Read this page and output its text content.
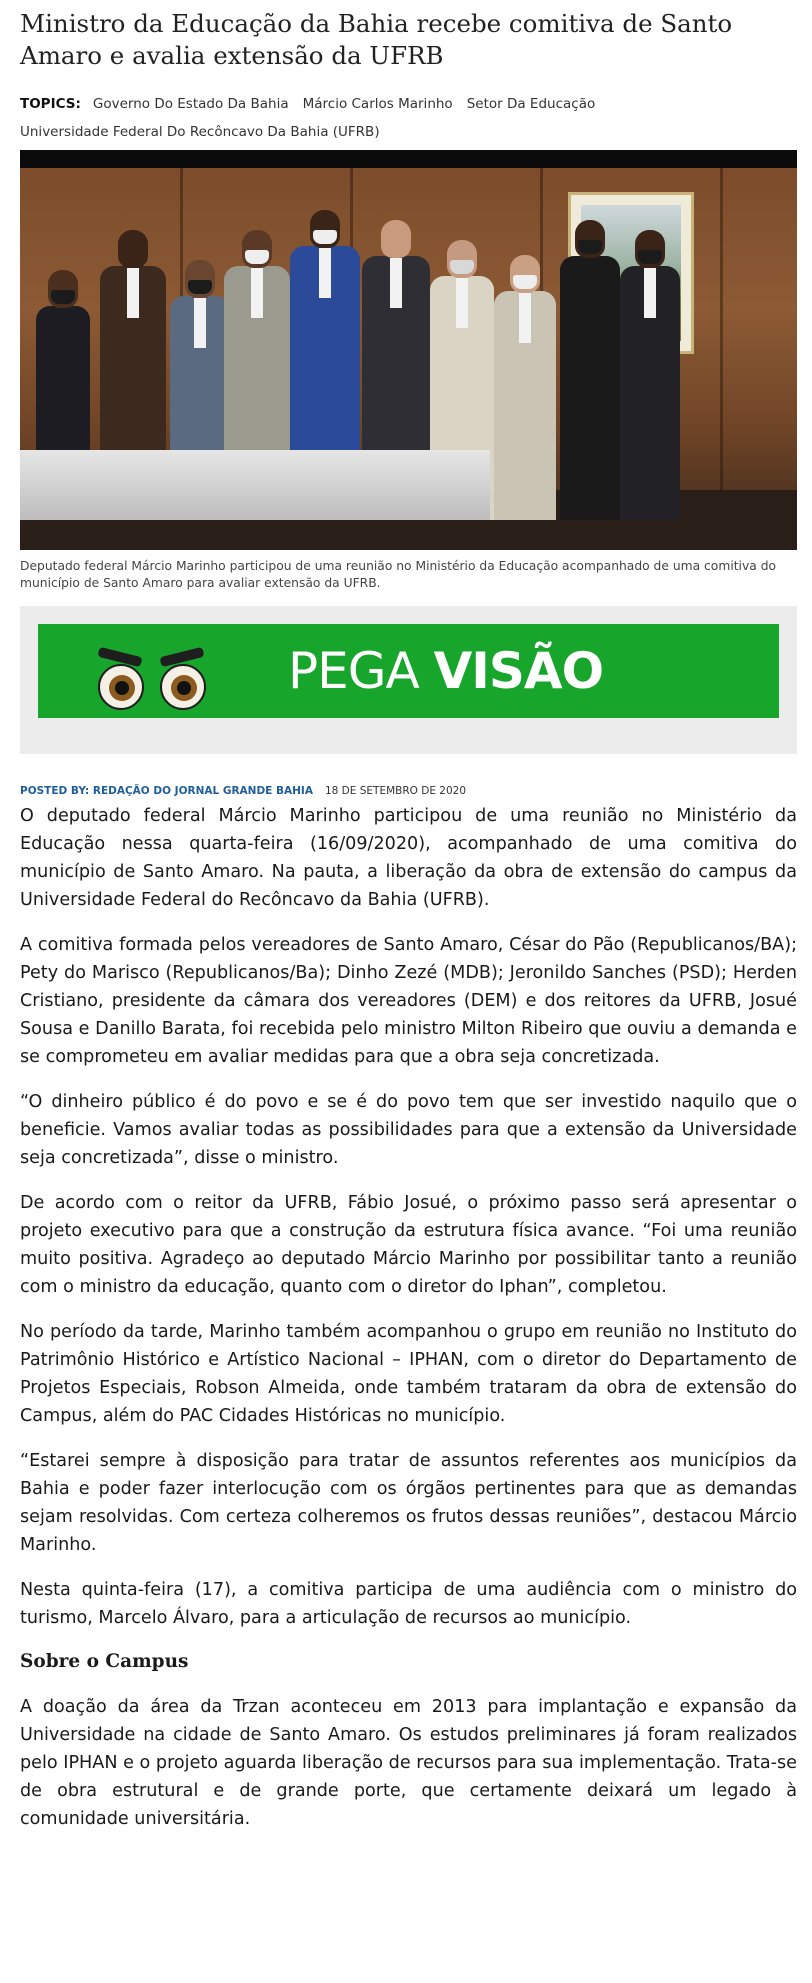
Ministro da Educação da Bahia recebe comitiva de Santo Amaro e avalia extensão da UFRB
TOPICS: Governo Do Estado Da Bahia Márcio Carlos Marinho Setor Da Educação
Universidade Federal Do Recôncavo Da Bahia (UFRB)

Deputado federal Márcio Marinho participou de uma reunião no Ministério da Educação acompanhado de uma comitiva do município de Santo Amaro para avaliar extensão da UFRB.

PEGA VISÃO
POSTED BY: REDAÇÃO DO JORNAL GRANDE BAHIA 18 DE SETEMBRO DE 2020

O deputado federal Márcio Marinho participou de uma reunião no Ministério da Educação nessa quarta-feira (16/09/2020), acompanhado de uma comitiva do município de Santo Amaro. Na pauta, a liberação da obra de extensão do campus da Universidade Federal do Recôncavo da Bahia (UFRB).

A comitiva formada pelos vereadores de Santo Amaro, César do Pão (Republicanos/BA); Pety do Marisco (Republicanos/Ba); Dinho Zezé (MDB); Jeronildo Sanches (PSD); Herden Cristiano, presidente da câmara dos vereadores (DEM) e dos reitores da UFRB, Josué Sousa e Danillo Barata, foi recebida pelo ministro Milton Ribeiro que ouviu a demanda e se comprometeu em avaliar medidas para que a obra seja concretizada.

“O dinheiro público é do povo e se é do povo tem que ser investido naquilo que o beneficie. Vamos avaliar todas as possibilidades para que a extensão da Universidade seja concretizada”, disse o ministro.

De acordo com o reitor da UFRB, Fábio Josué, o próximo passo será apresentar o projeto executivo para que a construção da estrutura física avance. “Foi uma reunião muito positiva. Agradeço ao deputado Márcio Marinho por possibilitar tanto a reunião com o ministro da educação, quanto com o diretor do Iphan”, completou.

No período da tarde, Marinho também acompanhou o grupo em reunião no Instituto do Patrimônio Histórico e Artístico Nacional – IPHAN, com o diretor do Departamento de Projetos Especiais, Robson Almeida, onde também trataram da obra de extensão do Campus, além do PAC Cidades Históricas no município.

“Estarei sempre à disposição para tratar de assuntos referentes aos municípios da Bahia e poder fazer interlocução com os órgãos pertinentes para que as demandas sejam resolvidas. Com certeza colheremos os frutos dessas reuniões”, destacou Márcio Marinho.

Nesta quinta-feira (17), a comitiva participa de uma audiência com o ministro do turismo, Marcelo Álvaro, para a articulação de recursos ao município.

Sobre o Campus

A doação da área da Trzan aconteceu em 2013 para implantação e expansão da Universidade na cidade de Santo Amaro. Os estudos preliminares já foram realizados pelo IPHAN e o projeto aguarda liberação de recursos para sua implementação. Trata-se de obra estrutural e de grande porte, que certamente deixará um legado à comunidade universitária.
